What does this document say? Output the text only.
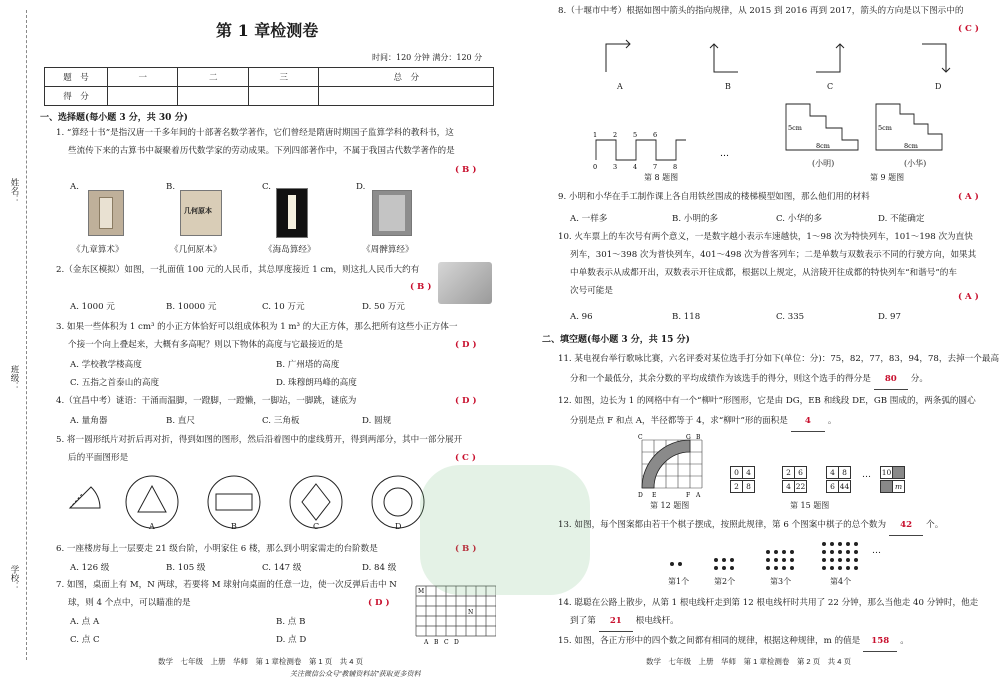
姓名：
班级：
学校：
第 1 章检测卷
时间：120 分钟 满分：120 分
题　号	一	二	三	总　分
得　分				
一、选择题(每小题 3 分，共 30 分)
1. “算经十书”是指汉唐一千多年间的十部著名数学著作，它们曾经是隋唐时期国子监算学科的教科书，这
些流传下来的古算书中凝聚着历代数学家的劳动成果。下列四部著作中，不属于我国古代数学著作的是
( B )
A.	B.	C.	D.
几何原本
《九章算术》	《几何原本》	《海岛算经》	《周髀算经》
2.（金东区模拟）如图，一扎面值 100 元的人民币，其总厚度接近 1 cm，则这扎人民币大约有
( B )
A. 1000 元	B. 10000 元	C. 10 万元	D. 50 万元
3. 如果一些体积为 1 cm³ 的小正方体恰好可以组成体积为 1 m³ 的大正方体，那么把所有这些小正方体一
个接一个向上叠起来，大概有多高呢？则以下物体的高度与它最接近的是	( D )
A. 学校教学楼高度	B. 广州塔的高度
C. 五指之首泰山的高度	D. 珠穆朗玛峰的高度
4.（宜昌中考）谜语：干涌而温脚，一蹬脚，一蹬懒，一脚站，一脚跳，谜底为	( D )
A. 量角器	B. 直尺	C. 三角板	D. 圆规
5. 将一圆形纸片对折后再对折，得到如图的图形，然后沿着图中的虚线剪开，得到两部分，其中一部分展开
后的平面图形是	( C )
A	B	C	D
6. 一座楼房每上一层要走 21 级台阶，小明家住 6 楼，那么到小明家需走的台阶数是	( B )
A. 126 级	B. 105 级	C. 147 级	D. 84 级
7. 如图，桌面上有 M，N 两球，若要将 M 球射向桌面的任意一边，使一次反弹后击中 N
球，则 4 个点中，可以瞄准的是	( D )
A. 点 A	B. 点 B
C. 点 C	D. 点 D
M
N
A B C D
数学　七年级　上册　华师　第 1 章检测卷　第 1 页　共 4 页
关注微信公众号“教辅资料站”获取更多资料
8.（十堰市中考）根据如图中箭头的指向规律，从 2015 到 2016 再到 2017，箭头的方向是以下图示中的
( C )
A	B	C	D
0 3 4 7 8
1 2 5 6
…
第 8 题图
5cm
8cm
5cm
8cm
(小明)	(小华)
第 9 题图
9. 小明和小华在手工制作课上各自用铁丝围成的楼梯模型如图，那么他们用的材料	( A )
A. 一样多	B. 小明的多	C. 小华的多	D. 不能确定
10. 火车票上的车次号有两个意义，一是数字越小表示车速越快，1～98 次为特快列车，101～198 次为直快
列车，301～398 次为普快列车，401～498 次为普客列车；二是单数与双数表示不同的行驶方向，如果其
中单数表示从成都开出，双数表示开往成都，根据以上规定，从涪陵开往成都的特快列车“和谐号”的车
次号可能是
( A )
A. 96	B. 118	C. 335	D. 97
二、填空题(每小题 3 分，共 15 分)
11. 某电视台举行歌咏比赛，六名评委对某位选手打分如下(单位：分)：75，82，77，83，94，78，去掉一个最高
分和一个最低分，其余分数的平均成绩作为该选手的得分，则这个选手的得分是 80 分。
12. 如图，边长为 1 的网格中有一个“柳叶”形图形，它是由 DG，EB 和线段 DE，GB 围成的，两条弧的圆心
分别是点 F 和点 A，半径都等于 4，求“柳叶”形的面积是 4 。
C	G B
D E	F A
第 12 题图
0 4
2 8
2 6
4 22
4 8
6 44
… 10
m
第 15 题图
13. 如图，每个图案都由若干个棋子摆成，按照此规律，第 6 个图案中棋子的总个数为 42 个。
…
第1个	第2个	第3个	第4个
14. 聪聪在公路上散步，从第 1 根电线杆走到第 12 根电线杆时共用了 22 分钟，那么当他走 40 分钟时，他走
到了第 21 根电线杆。
15. 如图，各正方形中的四个数之间都有相同的规律，根据这种规律，m 的值是 158 。
数学　七年级　上册　华师　第 1 章检测卷　第 2 页　共 4 页
